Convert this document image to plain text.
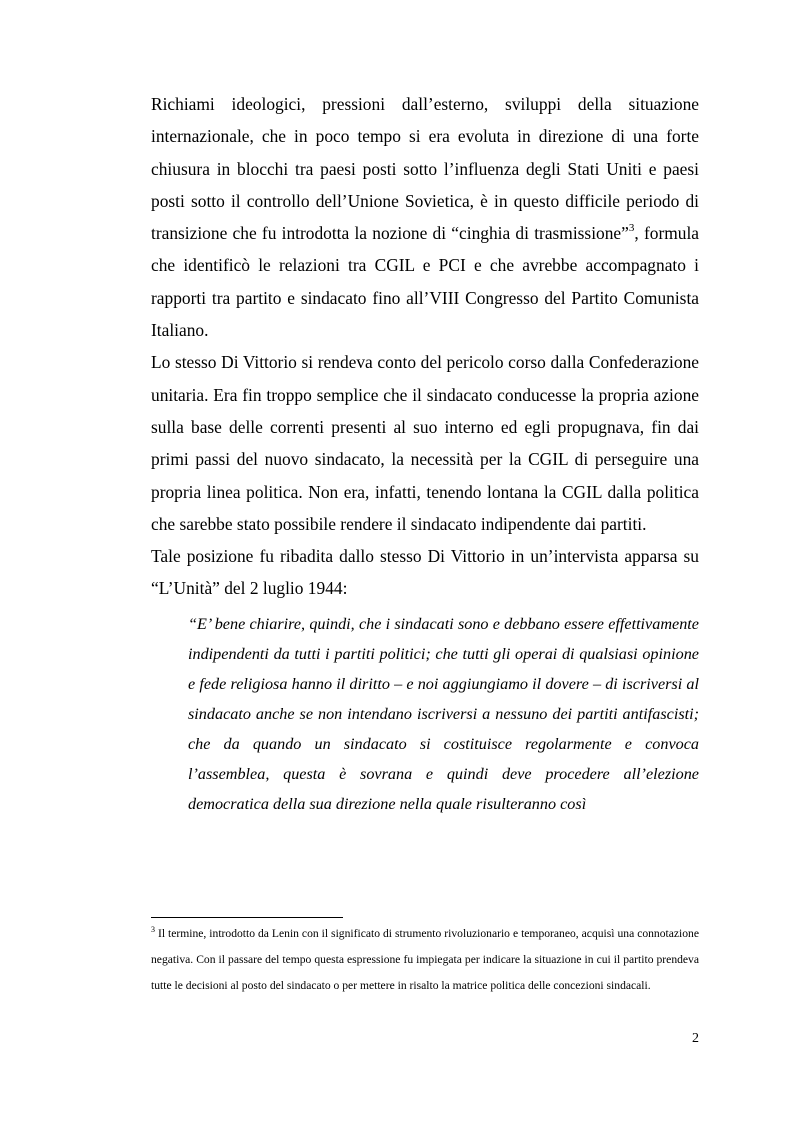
Richiami ideologici, pressioni dall’esterno, sviluppi della situazione internazionale, che in poco tempo si era evoluta in direzione di una forte chiusura in blocchi tra paesi posti sotto l’influenza degli Stati Uniti e paesi posti sotto il controllo dell’Unione Sovietica, è in questo difficile periodo di transizione che fu introdotta la nozione di “cinghia di trasmissione”$^3$, formula che identificò le relazioni tra CGIL e PCI e che avrebbe accompagnato i rapporti tra partito e sindacato fino all’VIII Congresso del Partito Comunista Italiano.

Lo stesso Di Vittorio si rendeva conto del pericolo corso dalla Confederazione unitaria. Era fin troppo semplice che il sindacato conducesse la propria azione sulla base delle correnti presenti al suo interno ed egli propugnava, fin dai primi passi del nuovo sindacato, la necessità per la CGIL di perseguire una propria linea politica. Non era, infatti, tenendo lontana la CGIL dalla politica che sarebbe stato possibile rendere il sindacato indipendente dai partiti.

Tale posizione fu ribadita dallo stesso Di Vittorio in un’intervista apparsa su “L’Unità” del 2 luglio 1944:

“E’ bene chiarire, quindi, che i sindacati sono e debbano essere effettivamente indipendenti da tutti i partiti politici; che tutti gli operai di qualsiasi opinione e fede religiosa hanno il diritto – e noi aggiungiamo il dovere – di iscriversi al sindacato anche se non intendano iscriversi a nessuno dei partiti antifascisti; che da quando un sindacato si costituisce regolarmente e convoca l’assemblea, questa è sovrana e quindi deve procedere all’elezione democratica della sua direzione nella quale risulteranno così

$^3$ Il termine, introdotto da Lenin con il significato di strumento rivoluzionario e temporaneo, acquisì una connotazione negativa. Con il passare del tempo questa espressione fu impiegata per indicare la situazione in cui il partito prendeva tutte le decisioni al posto del sindacato o per mettere in risalto la matrice politica delle concezioni sindacali.

2
